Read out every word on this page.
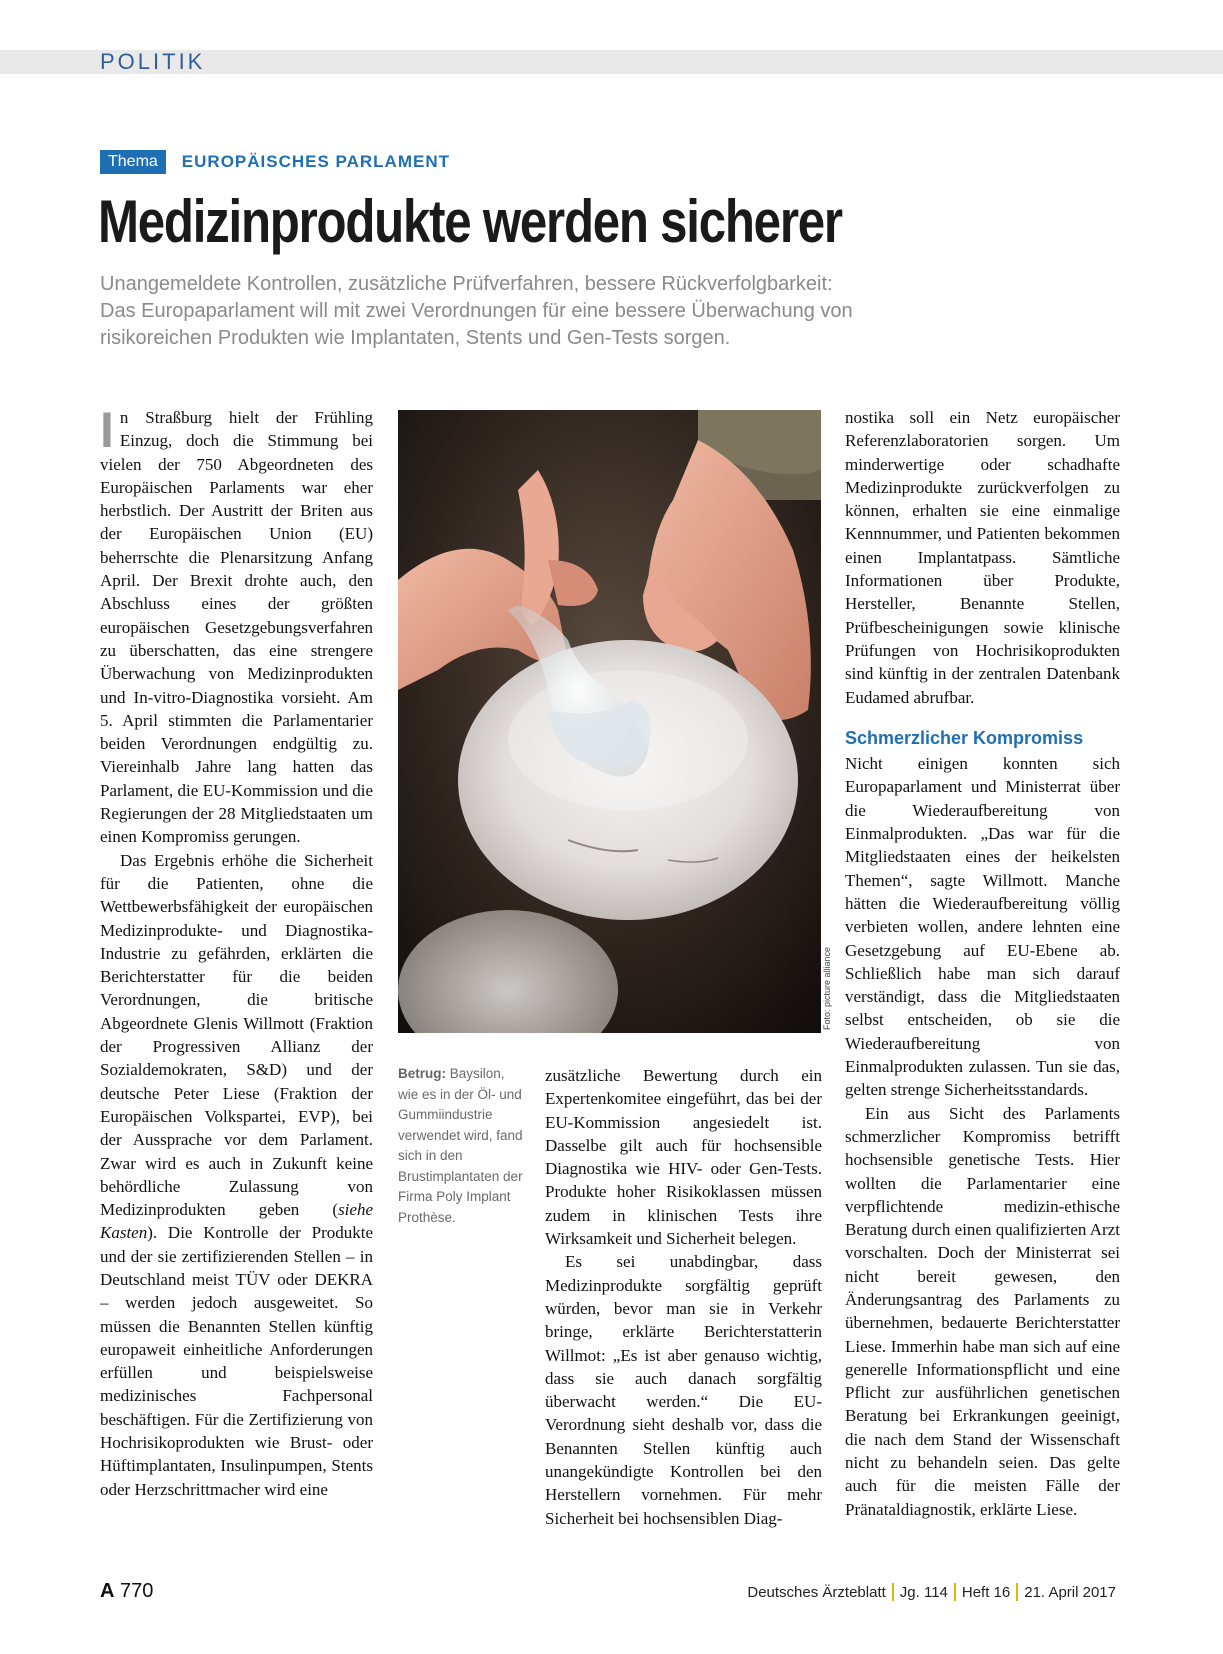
POLITIK
Thema	EUROPÄISCHES PARLAMENT
Medizinprodukte werden sicherer

Unangemeldete Kontrollen, zusätzliche Prüfverfahren, bessere Rückverfolgbarkeit:

Das Europaparlament will mit zwei Verordnungen für eine bessere Überwachung von

risikoreichen Produkten wie Implantaten, Stents und Gen-Tests sorgen.

In Straßburg hielt der Frühling Einzug, doch die Stimmung bei vielen der 750 Abgeordneten des Europäischen Parlaments war eher herbstlich. Der Austritt der Briten aus der Europäischen Union (EU) beherrschte die Plenarsitzung Anfang April. Der Brexit drohte auch, den Abschluss eines der größten europäischen Gesetzgebungsverfahren zu überschatten, das eine strengere Überwachung von Medizinprodukten und In-vitro-Diagnostika vorsieht. Am 5. April stimmten die Parlamentarier beiden Verordnungen endgültig zu. Viereinhalb Jahre lang hatten das Parlament, die EU-Kommission und die Regierungen der 28 Mitgliedstaaten um einen Kompromiss gerungen.

Das Ergebnis erhöhe die Sicherheit für die Patienten, ohne die Wettbewerbsfähigkeit der europäischen Medizinprodukte- und Diagnostika-Industrie zu gefährden, erklärten die Berichterstatter für die beiden Verordnungen, die britische Abgeordnete Glenis Willmott (Fraktion der Progressiven Allianz der Sozialdemokraten, S&D) und der deutsche Peter Liese (Fraktion der Europäischen Volkspartei, EVP), bei der Aussprache vor dem Parlament. Zwar wird es auch in Zukunft keine behördliche Zulassung von Medizinprodukten geben (siehe Kasten). Die Kontrolle der Produkte und der sie zertifizierenden Stellen – in Deutschland meist TÜV oder DEKRA – werden jedoch ausgeweitet. So müssen die Benannten Stellen künftig europaweit einheitliche Anforderungen erfüllen und beispielsweise medizinisches Fachpersonal beschäftigen. Für die Zertifizierung von Hochrisikoprodukten wie Brust- oder Hüftimplantaten, Insulinpumpen, Stents oder Herzschrittmacher wird eine

Foto: picture alliance
Betrug: Baysilon, wie es in der Öl- und Gummiindustrie verwendet wird, fand sich in den Brustimplantaten der Firma Poly Implant Prothèse.

zusätzliche Bewertung durch ein Expertenkomitee eingeführt, das bei der EU-Kommission angesiedelt ist. Dasselbe gilt auch für hochsensible Diagnostika wie HIV- oder Gen-Tests. Produkte hoher Risikoklassen müssen zudem in klinischen Tests ihre Wirksamkeit und Sicherheit belegen.

Es sei unabdingbar, dass Medizinprodukte sorgfältig geprüft würden, bevor man sie in Verkehr bringe, erklärte Berichterstatterin Willmot: „Es ist aber genauso wichtig, dass sie auch danach sorgfältig überwacht werden.“ Die EU-Verordnung sieht deshalb vor, dass die Benannten Stellen künftig auch unangekündigte Kontrollen bei den Herstellern vornehmen. Für mehr Sicherheit bei hochsensiblen Diag-

nostika soll ein Netz europäischer Referenzlaboratorien sorgen. Um minderwertige oder schadhafte Medizinprodukte zurückverfolgen zu können, erhalten sie eine einmalige Kennnummer, und Patienten bekommen einen Implantatpass. Sämtliche Informationen über Produkte, Hersteller, Benannte Stellen, Prüfbescheinigungen sowie klinische Prüfungen von Hochrisikoprodukten sind künftig in der zentralen Datenbank Eudamed abrufbar.

Schmerzlicher Kompromiss

Nicht einigen konnten sich Europaparlament und Ministerrat über die Wiederaufbereitung von Einmalprodukten. „Das war für die Mitgliedstaaten eines der heikelsten Themen“, sagte Willmott. Manche hätten die Wiederaufbereitung völlig verbieten wollen, andere lehnten eine Gesetzgebung auf EU-Ebene ab. Schließlich habe man sich darauf verständigt, dass die Mitgliedstaaten selbst entscheiden, ob sie die Wiederaufbereitung von Einmalprodukten zulassen. Tun sie das, gelten strenge Sicherheitsstandards.

Ein aus Sicht des Parlaments schmerzlicher Kompromiss betrifft hochsensible genetische Tests. Hier wollten die Parlamentarier eine verpflichtende medizin-ethische Beratung durch einen qualifizierten Arzt vorschalten. Doch der Ministerrat sei nicht bereit gewesen, den Änderungsantrag des Parlaments zu übernehmen, bedauerte Berichterstatter Liese. Immerhin habe man sich auf eine generelle Informationspflicht und eine Pflicht zur ausführlichen genetischen Beratung bei Erkrankungen geeinigt, die nach dem Stand der Wissenschaft nicht zu behandeln seien. Das gelte auch für die meisten Fälle der Pränataldiagnostik, erklärte Liese.

A 770	Deutsches Ärzteblatt Jg. 114 Heft 16 21. April 2017
